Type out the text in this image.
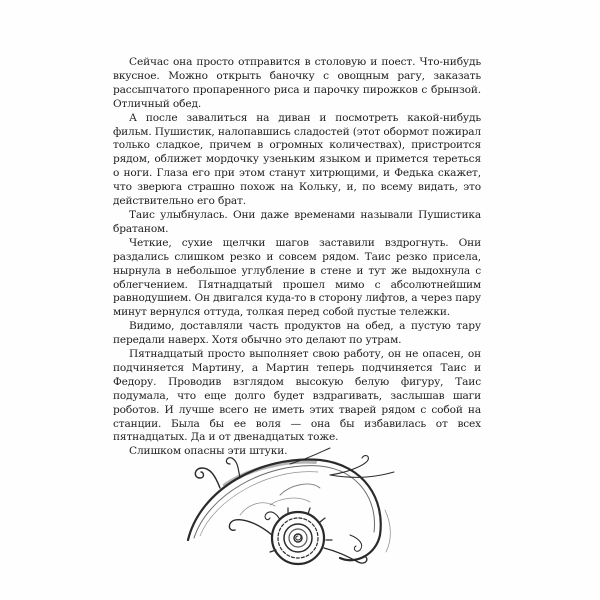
Сейчас она просто отправится в столовую и поест. Что-нибудь вкусное. Можно открыть баночку с овощным рагу, заказать рассыпчатого пропаренного риса и парочку пирожков с брынзой. Отличный обед.

А после завалиться на диван и посмотреть какой-нибудь фильм. Пушистик, налопавшись сладостей (этот обормот пожирал только сладкое, причем в огромных количествах), пристроится рядом, оближет мордочку узеньким языком и примется тереться о ноги. Глаза его при этом станут хитрющими, и Федька скажет, что зверюга страшно похож на Кольку, и, по всему видать, это действительно его брат.

Таис улыбнулась. Они даже временами называли Пушистика братаном.

Четкие, сухие щелчки шагов заставили вздрогнуть. Они раздались слишком резко и совсем рядом. Таис резко присела, нырнула в небольшое углубление в стене и тут же выдохнула с облегчением. Пятнадцатый прошел мимо с абсолютнейшим равнодушием. Он двигался куда-то в сторону лифтов, а через пару минут вернулся оттуда, толкая перед собой пустые тележки.

Видимо, доставляли часть продуктов на обед, а пустую тару передали наверх. Хотя обычно это делают по утрам.

Пятнадцатый просто выполняет свою работу, он не опасен, он подчиняется Мартину, а Мартин теперь подчиняется Таис и Федору. Проводив взглядом высокую белую фигуру, Таис подумала, что еще долго будет вздрагивать, заслышав шаги роботов. И лучше всего не иметь этих тварей рядом с собой на станции. Была бы ее воля — она бы избавилась от всех пятнадцатых. Да и от двенадцатых тоже.

Слишком опасны эти штуки.
